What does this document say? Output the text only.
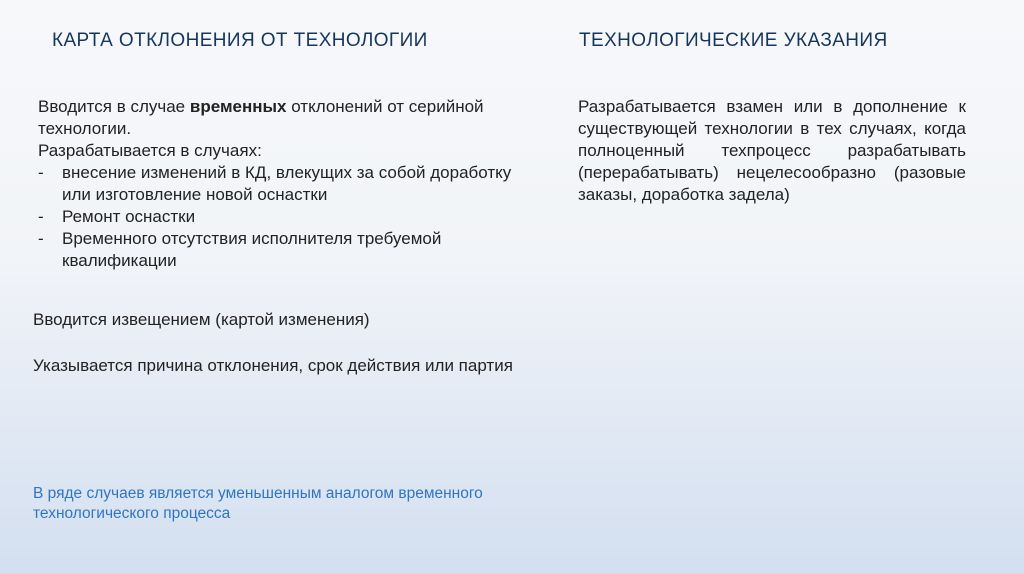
КАРТА ОТКЛОНЕНИЯ ОТ ТЕХНОЛОГИИ	ТЕХНОЛОГИЧЕСКИЕ УКАЗАНИЯ

Вводится в случае временных отклонений от серийной технологии.

Разрабатывается в случаях:

- внесение изменений в КД, влекущих за собой доработку или изготовление новой оснастки
- Ремонт оснастки
- Временного отсутствия исполнителя требуемой квалификации
Вводится извещением (картой изменения)
Указывается причина отклонения, срок действия или партия
В ряде случаев является уменьшенным аналогом временного технологического процесса
Разрабатывается взамен или в дополнение к существующей технологии в тех случаях, когда полноценный техпроцесс разрабатывать (перерабатывать) нецелесообразно (разовые заказы, доработка задела)
